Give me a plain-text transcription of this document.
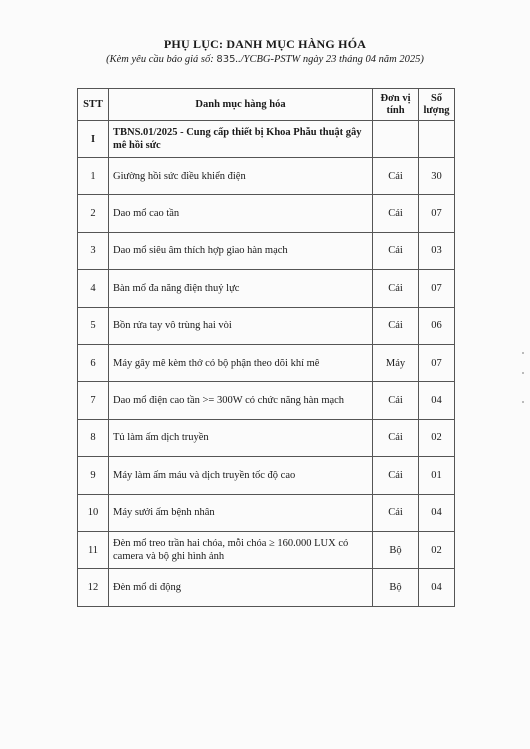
PHỤ LỤC: DANH MỤC HÀNG HÓA
(Kèm yêu cầu báo giá số: 835../YCBG-PSTW ngày 23 tháng 04 năm 2025)
STT	Danh mục hàng hóa	Đơn vị tính	Số lượng
I	TBNS.01/2025 - Cung cấp thiết bị Khoa Phẫu thuật gây mê hồi sức		
1	Giường hồi sức điều khiển điện	Cái	30
2	Dao mổ cao tần	Cái	07
3	Dao mổ siêu âm thích hợp giao hàn mạch	Cái	03
4	Bàn mổ đa năng điện thuỷ lực	Cái	07
5	Bồn rửa tay vô trùng hai vòi	Cái	06
6	Máy gây mê kèm thở có bộ phận theo dõi khí mê	Máy	07
7	Dao mổ điện cao tần >= 300W có chức năng hàn mạch	Cái	04
8	Tủ làm ấm dịch truyền	Cái	02
9	Máy làm ấm máu và dịch truyền tốc độ cao	Cái	01
10	Máy sưởi ấm bệnh nhân	Cái	04
11	Đèn mổ treo trần hai chóa, mỗi chóa ≥ 160.000 LUX có camera và bộ ghi hình ảnh	Bộ	02
12	Đèn mổ di động	Bộ	04
